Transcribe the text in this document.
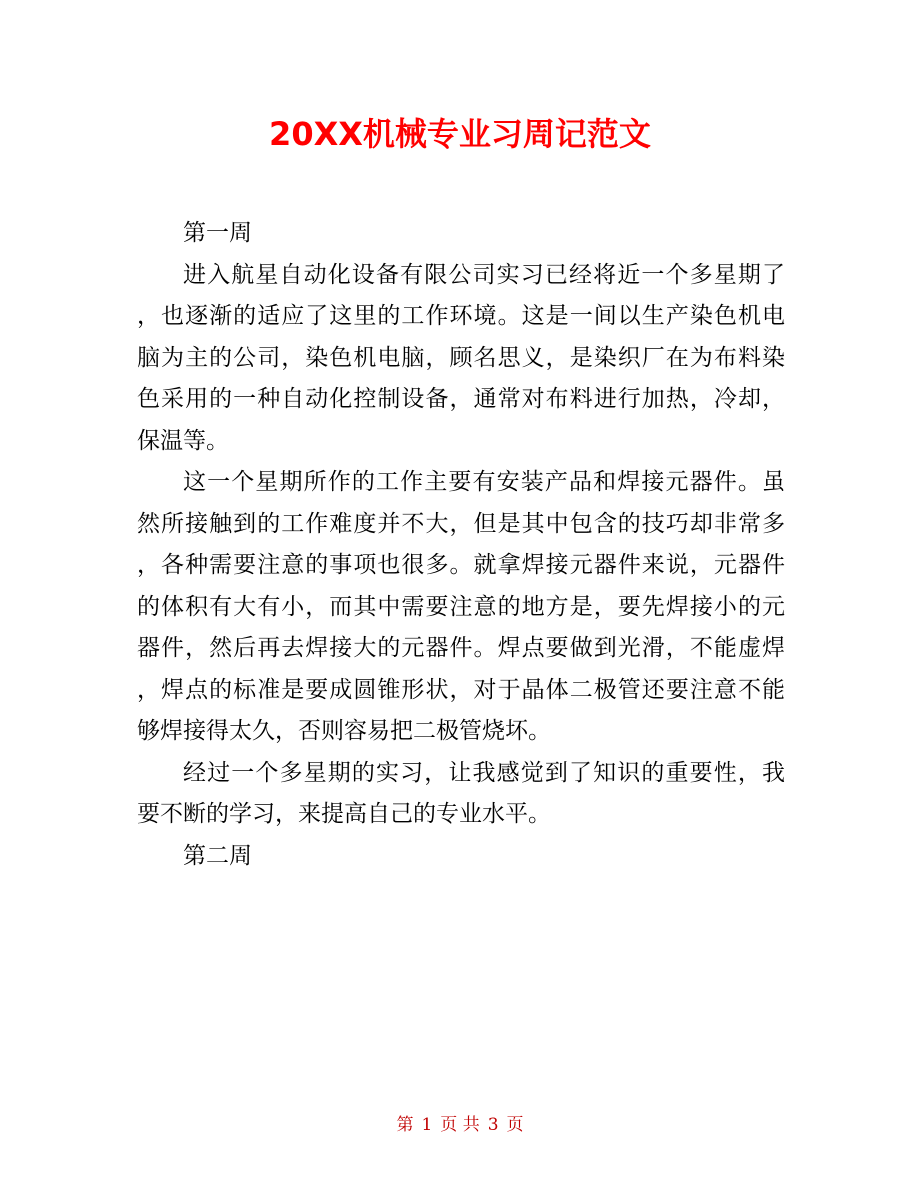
20XX机械专业习周记范文
第一周
进入航星自动化设备有限公司实习已经将近一个多星期了
，也逐渐的适应了这里的工作环境。这是一间以生产染色机电
脑为主的公司，染色机电脑，顾名思义，是染织厂在为布料染
色采用的一种自动化控制设备，通常对布料进行加热，冷却，
保温等。
这一个星期所作的工作主要有安装产品和焊接元器件。虽
然所接触到的工作难度并不大，但是其中包含的技巧却非常多
，各种需要注意的事项也很多。就拿焊接元器件来说，元器件
的体积有大有小，而其中需要注意的地方是，要先焊接小的元
器件，然后再去焊接大的元器件。焊点要做到光滑，不能虚焊
，焊点的标准是要成圆锥形状，对于晶体二极管还要注意不能
够焊接得太久，否则容易把二极管烧坏。
经过一个多星期的实习，让我感觉到了知识的重要性，我
要不断的学习，来提高自己的专业水平。
第二周
第 1 页 共 3 页
